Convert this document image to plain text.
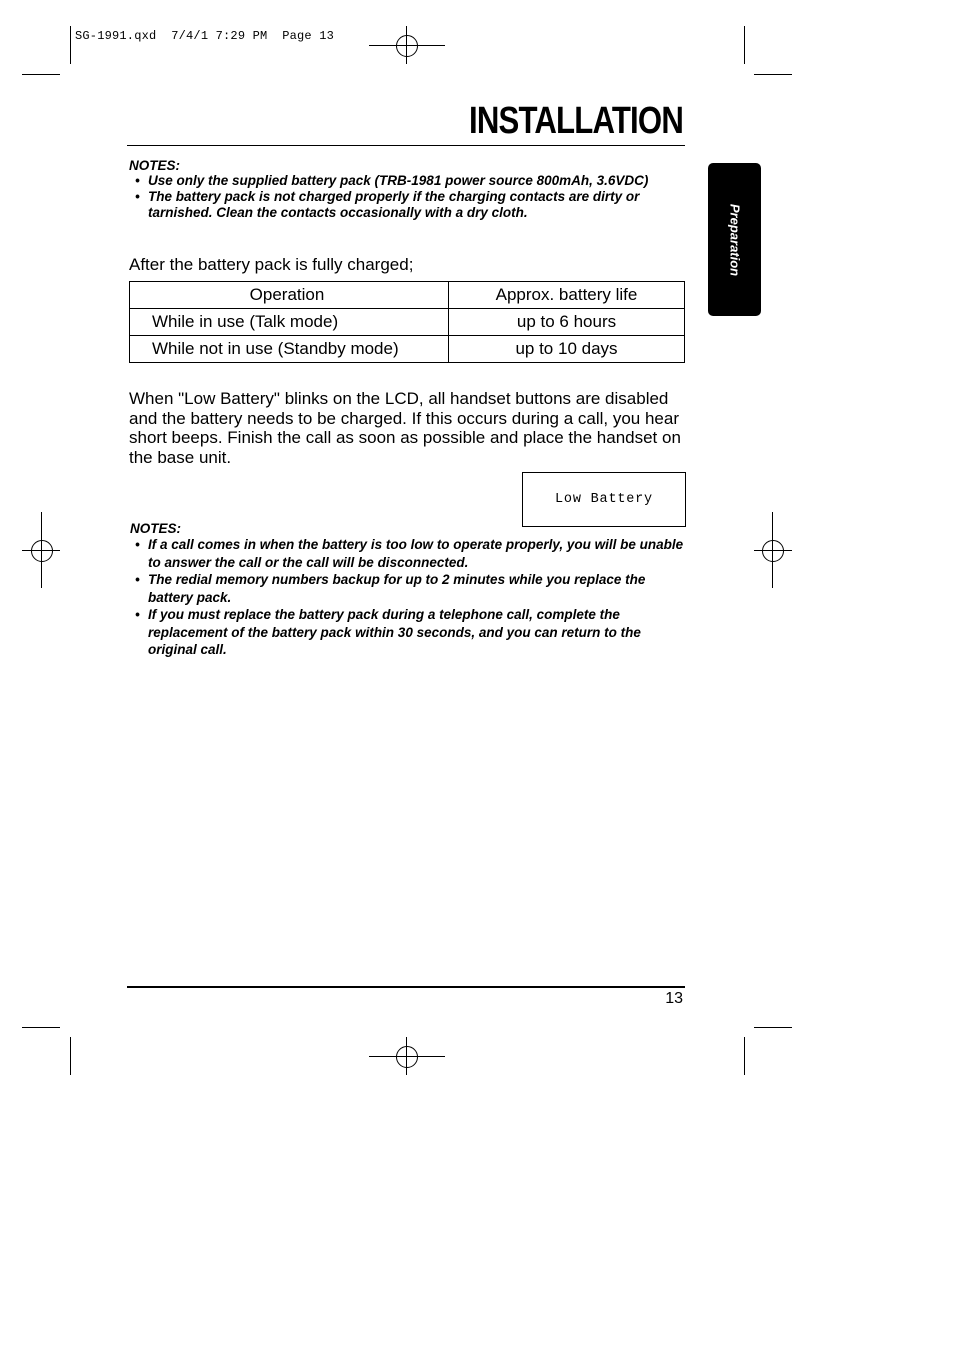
SG-1991.qxd  7/4/1 7:29 PM  Page 13
INSTALLATION
Preparation
NOTES:
• Use only the supplied battery pack (TRB-1981 power source 800mAh, 3.6VDC)
• The battery pack is not charged properly if the charging contacts are dirty or tarnished. Clean the contacts occasionally with a dry cloth.
After the battery pack is fully charged;
Operation	Approx. battery life
While in use (Talk mode)	up to 6 hours
While not in use (Standby mode)	up to 10 days
When "Low Battery" blinks on the LCD, all handset buttons are disabled and the battery needs to be charged. If this occurs during a call, you hear short beeps. Finish the call as soon as possible and place the handset on the base unit.
Low Battery
NOTES:
• If a call comes in when the battery is too low to operate properly, you will be unable to answer the call or the call will be disconnected.
• The redial memory numbers backup for up to 2 minutes while you replace the battery pack.
• If you must replace the battery pack during a telephone call, complete the replacement of the battery pack within 30 seconds, and you can return to the original call.
13
